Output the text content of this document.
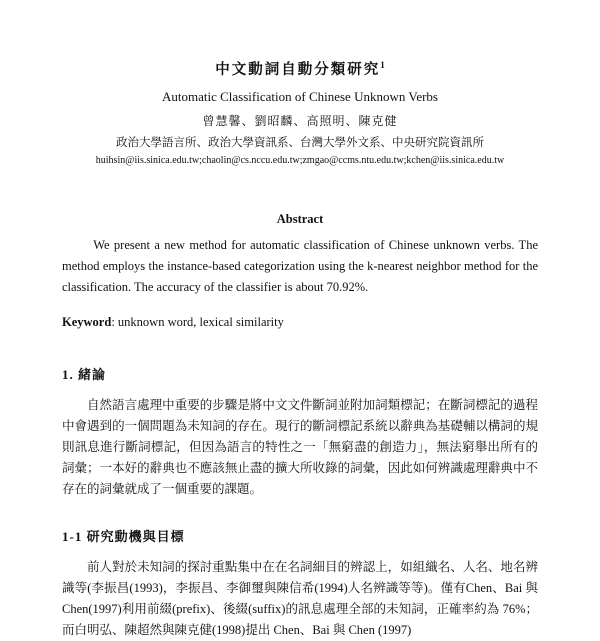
中文動詞自動分類研究$^1$
Automatic Classification of Chinese Unknown Verbs
曾慧馨、劉昭麟、高照明、陳克健
政治大學語言所、政治大學資訊系、台灣大學外文系、中央研究院資訊所
huihsin@iis.sinica.edu.tw;chaolin@cs.nccu.edu.tw;zmgao@ccms.ntu.edu.tw;kchen@iis.sinica.edu.tw
Abstract

We present a new method for automatic classification of Chinese unknown verbs. The method employs the instance-based categorization using the k-nearest neighbor method for the classification. The accuracy of the classifier is about 70.92%.

Keyword: unknown word, lexical similarity

1. 緒論

自然語言處理中重要的步驟是將中文文件斷詞並附加詞類標記；在斷詞標記的過程中會遇到的一個問題為未知詞的存在。現行的斷詞標記系統以辭典為基礎輔以構詞的規則訊息進行斷詞標記，但因為語言的特性之一「無窮盡的創造力」，無法窮舉出所有的詞彙；一本好的辭典也不應該無止盡的擴大所收錄的詞彙，因此如何辨識處理辭典中不存在的詞彙就成了一個重要的課題。

1-1 研究動機與目標

前人對於未知詞的探討重點集中在在名詞細目的辨認上，如組織名、人名、地名辨識等(李振昌(1993)，李振昌、李御璽與陳信希(1994)人名辨識等等)。僅有Chen、Bai 與 Chen(1997)利用前綴(prefix)、後綴(suffix)的訊息處理全部的未知詞，正確率約為 76%；而白明弘、陳超然與陳克健(1998)提出 Chen、Bai 與 Chen (1997)
